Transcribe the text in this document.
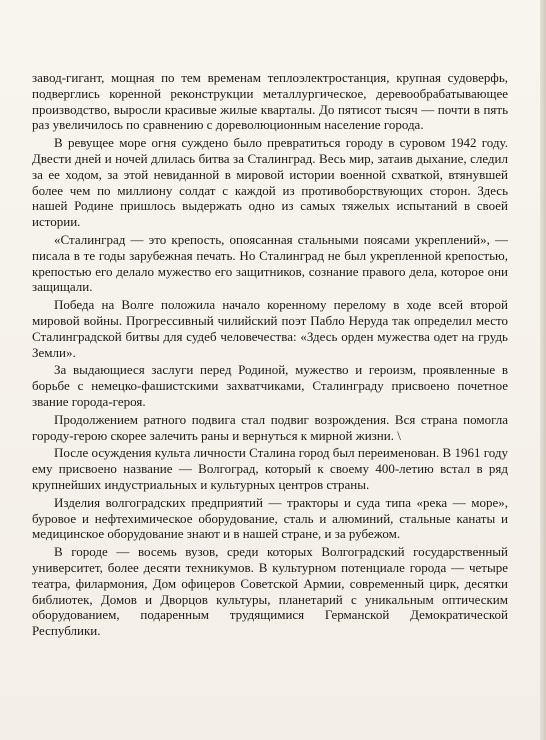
завод-гигант, мощная по тем временам теплоэлектростанция, крупная судоверфь, подверглись коренной реконструкции металлургическое, деревообрабатывающее производство, выросли красивые жилые кварталы. До пятисот тысяч — почти в пять раз увеличилось по сравнению с дореволюционным население города.

В ревущее море огня суждено было превратиться городу в суровом 1942 году. Двести дней и ночей длилась битва за Сталинград. Весь мир, затаив дыхание, следил за ее ходом, за этой невиданной в мировой истории военной схваткой, втянувшей более чем по миллиону солдат с каждой из противоборствующих сторон. Здесь нашей Родине пришлось выдержать одно из самых тяжелых испытаний в своей истории.

«Сталинград — это крепость, опоясанная стальными поясами укреплений», — писала в те годы зарубежная печать. Но Сталинград не был укрепленной крепостью, крепостью его делало мужество его защитников, сознание правого дела, которое они защищали.

Победа на Волге положила начало коренному перелому в ходе всей второй мировой войны. Прогрессивный чилийский поэт Пабло Неруда так определил место Сталинградской битвы для судеб человечества: «Здесь орден мужества одет на грудь Земли».

За выдающиеся заслуги перед Родиной, мужество и героизм, проявленные в борьбе с немецко-фашистскими захватчиками, Сталинграду присвоено почетное звание города-героя.

Продолжением ратного подвига стал подвиг возрождения. Вся страна помогла городу-герою скорее залечить раны и вернуться к мирной жизни. \

После осуждения культа личности Сталина город был переименован. В 1961 году ему присвоено название — Волгоград, который к своему 400-летию встал в ряд крупнейших индустриальных и культурных центров страны.

Изделия волгоградских предприятий — тракторы и суда типа «река — море», буровое и нефтехимическое оборудование, сталь и алюминий, стальные канаты и медицинское оборудование знают и в нашей стране, и за рубежом.

В городе — восемь вузов, среди которых Волгоградский государственный университет, более десяти техникумов. В культурном потенциале города — четыре театра, филармония, Дом офицеров Советской Армии, современный цирк, десятки библиотек, Домов и Дворцов культуры, планетарий с уникальным оптическим оборудованием, подаренным трудящимися Германской Демократической Республики.
